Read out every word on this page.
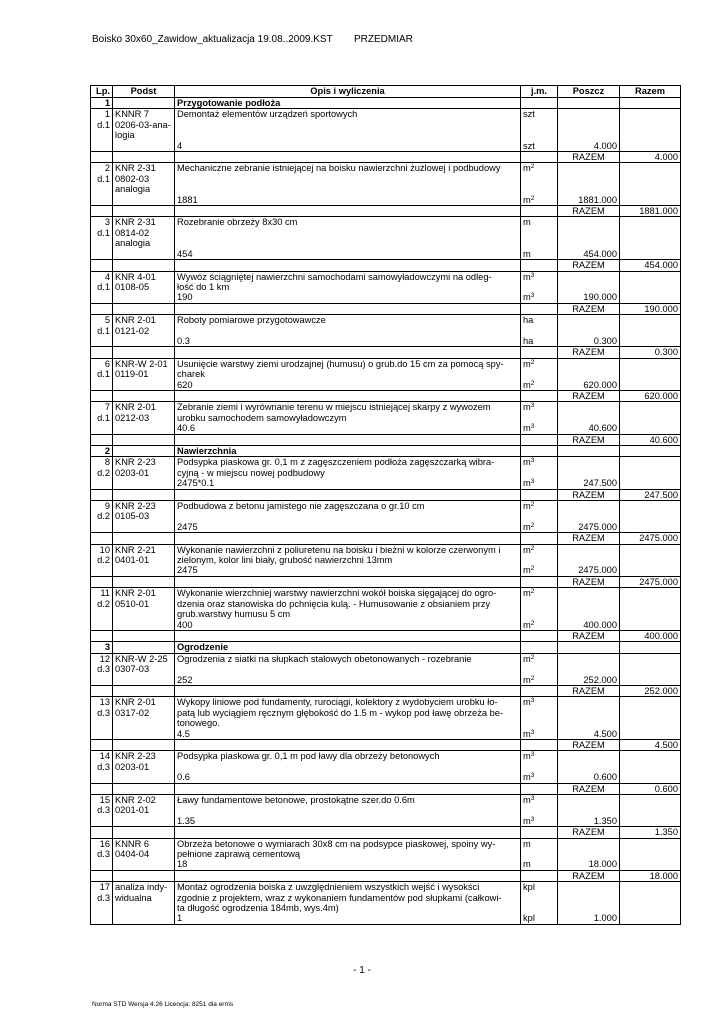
Boisko 30x60_Zawidow_aktualizacja 19.08..2009.KST PRZEDMIAR
Lp.	Podst	Opis i wyliczenia	j.m.	Poszcz	Razem
1		Przygotowanie podłoża			
1	KNNR 7	Demontaż elementów urządzeń sportowych	szt		
d.1	0206-03-ana-				
	logia				
		4	szt	4.000	
				RAZEM	4.000
2	KNR 2-31	Mechaniczne zebranie istniejącej na boisku nawierzchni żużlowej i podbudowy	$m^2$		
d.1	0802-03				
	analogia				
		1881	$m^2$	1881.000	
				RAZEM	1881.000
3	KNR 2-31	Rozebranie obrzeży 8x30 cm	m		
d.1	0814-02				
	analogia				
		454	m	454.000	
				RAZEM	454.000
4	KNR 4-01	Wywóz ściągniętej nawierzchni samochodami samowyładowczymi na odleg-	$m^3$		
d.1	0108-05	łość do 1 km			
		190	$m^3$	190.000	
				RAZEM	190.000
5	KNR 2-01	Roboty pomiarowe przygotowawcze	ha		
d.1	0121-02				
		0.3	ha	0.300	
				RAZEM	0.300
6	KNR-W 2-01	Usunięcie warstwy ziemi urodzajnej (humusu) o grub.do 15 cm za pomocą spy-	$m^2$		
d.1	0119-01	charek			
		620	$m^2$	620.000	
				RAZEM	620.000
7	KNR 2-01	Zebranie ziemi i wyrównanie terenu w miejscu istniejącej skarpy z wywozem	$m^3$		
d.1	0212-03	urobku samochodem samowyładowczym			
		40.6	$m^3$	40.600	
				RAZEM	40.600
2		Nawierzchnia			
8	KNR 2-23	Podsypka piaskowa gr. 0,1 m z zagęszczeniem podłoża zagęszczarką wibra-	$m^3$		
d.2	0203-01	cyjną - w miejscu nowej podbudowy			
		2475*0.1	$m^3$	247.500	
				RAZEM	247.500
9	KNR 2-23	Podbudowa z betonu jamistego nie zagęszczana o gr.10 cm	$m^2$		
d.2	0105-03				
		2475	$m^2$	2475.000	
				RAZEM	2475.000
10	KNR 2-21	Wykonanie nawierzchni z poliuretenu na boisku i bieżni w kolorze czerwonym i	$m^2$		
d.2	0401-01	zielonym, kolor lini biały, grubość nawierzchni 13mm			
		2475	$m^2$	2475.000	
				RAZEM	2475.000
11	KNR 2-01	Wykonanie wierzchniej warstwy nawierzchni wokół boiska sięgającej do ogro-	$m^2$		
d.2	0510-01	dzenia oraz stanowiska do pchnięcia kulą. - Humusowanie z obsianiem przy			
		grub.warstwy humusu 5 cm			
		400	$m^2$	400.000	
				RAZEM	400.000
3		Ogrodzenie			
12	KNR-W 2-25	Ogrodzenia z siatki na słupkach stalowych obetonowanych - rozebranie	$m^2$		
d.3	0307-03				
		252	$m^2$	252.000	
				RAZEM	252.000
13	KNR 2-01	Wykopy liniowe pod fundamenty, rurociągi, kolektory z wydobyciem urobku ło-	$m^3$		
d.3	0317-02	patą lub wyciągiem ręcznym głębokość do 1.5 m - wykop pod ławę obrzeża be-			
		tonowego.			
		4.5	$m^3$	4.500	
				RAZEM	4.500
14	KNR 2-23	Podsypka piaskowa gr. 0,1 m pod ławy dla obrzeży betonowych	$m^3$		
d.3	0203-01				
		0.6	$m^3$	0.600	
				RAZEM	0.600
15	KNR 2-02	Ławy fundamentowe betonowe, prostokątne szer.do 0.6m	$m^3$		
d.3	0201-01				
		1.35	$m^3$	1.350	
				RAZEM	1.350
16	KNNR 6	Obrzeża betonowe o wymiarach 30x8 cm na podsypce piaskowej, spoiny wy-	m		
d.3	0404-04	pełnione zaprawą cementową			
		18	m	18.000	
				RAZEM	18.000
17	analiza indy-	Montaż ogrodzenia boiska z uwzględnieniem wszystkich wejść i wysokści	kpl		
d.3	widualna	zgodnie z projektem, wraz z wykonaniem fundamentów pod słupkami (całkowi-			
		ta długość ogrodzenia 184mb, wys.4m)			
		1	kpl	1.000	
- 1 -
Norma STD Wersja 4.26 Licencja: 8251 dla erms
